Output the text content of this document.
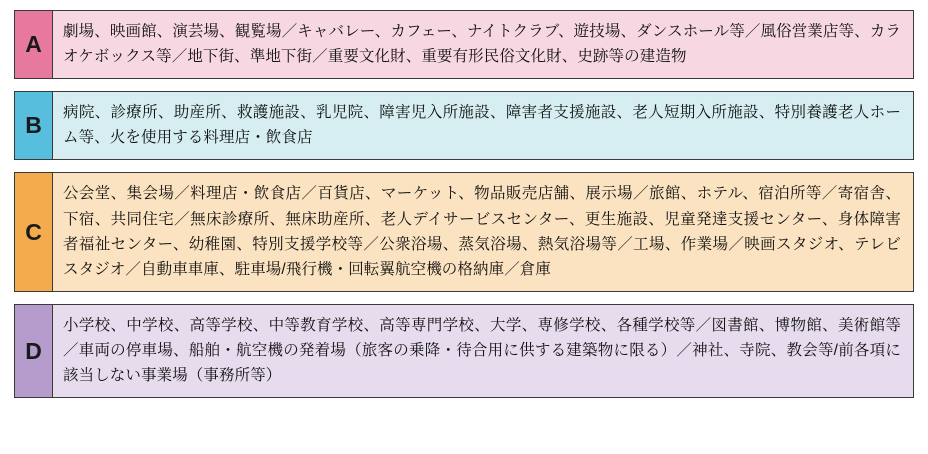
A	劇場、映画館、演芸場、観覧場／キャバレー、カフェー、ナイトクラブ、遊技場、ダンスホール等／風俗営業店等、カラオケボックス等／地下街、準地下街／重要文化財、重要有形民俗文化財、史跡等の建造物
B	病院、診療所、助産所、救護施設、乳児院、障害児入所施設、障害者支援施設、老人短期入所施設、特別養護老人ホーム等、火を使用する料理店・飲食店
C
公会堂、集会場／料理店・飲食店／百貨店、マーケット、物品販売店舗、展示場／旅館、ホテル、宿泊所等／寄宿舎、下宿、共同住宅／無床診療所、無床助産所、老人デイサービスセンター、更生施設、児童発達支援センター、身体障害者福祉センター、幼稚園、特別支援学校等／公衆浴場、蒸気浴場、熱気浴場等／工場、作業場／映画スタジオ、テレビスタジオ／自動車車庫、駐車場/飛行機・回転翼航空機の格納庫／倉庫
D
小学校、中学校、高等学校、中等教育学校、高等専門学校、大学、専修学校、各種学校等／図書館、博物館、美術館等／車両の停車場、船舶・航空機の発着場（旅客の乗降・待合用に供する建築物に限る）／神社、寺院、教会等/前各項に該当しない事業場（事務所等）
